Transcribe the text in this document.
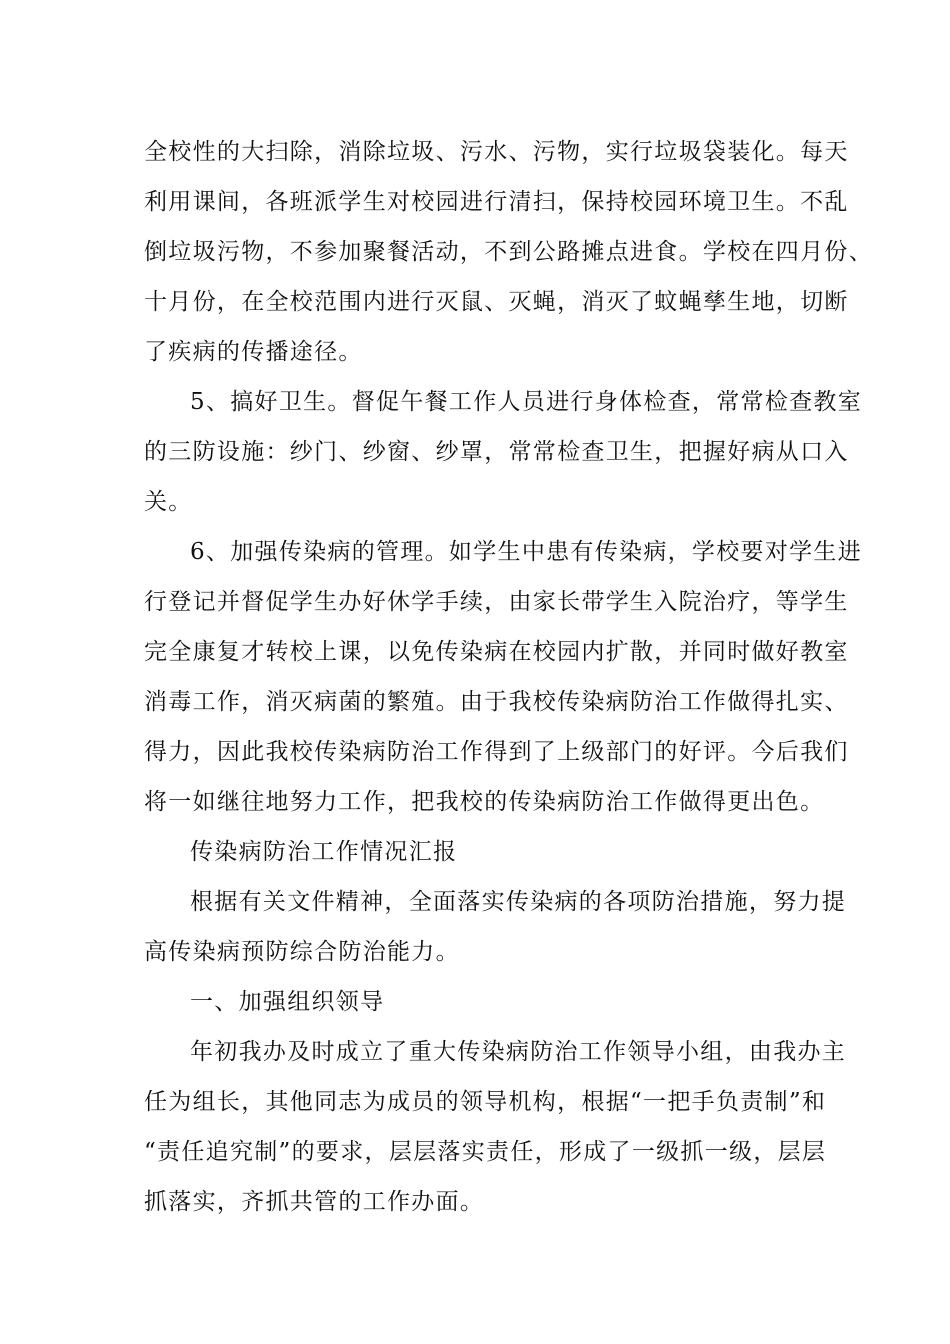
全校性的大扫除，消除垃圾、污水、污物，实行垃圾袋装化。每天
利用课间，各班派学生对校园进行清扫，保持校园环境卫生。不乱
倒垃圾污物，不参加聚餐活动，不到公路摊点进食。学校在四月份、
十月份，在全校范围内进行灭鼠、灭蝇，消灭了蚊蝇孳生地，切断
了疾病的传播途径。
5、搞好卫生。督促午餐工作人员进行身体检查，常常检查教室
的三防设施：纱门、纱窗、纱罩，常常检查卫生，把握好病从口入
关。
6、加强传染病的管理。如学生中患有传染病，学校要对学生进
行登记并督促学生办好休学手续，由家长带学生入院治疗，等学生
完全康复才转校上课，以免传染病在校园内扩散，并同时做好教室
消毒工作，消灭病菌的繁殖。由于我校传染病防治工作做得扎实、
得力，因此我校传染病防治工作得到了上级部门的好评。今后我们
将一如继往地努力工作，把我校的传染病防治工作做得更出色。
传染病防治工作情况汇报
根据有关文件精神，全面落实传染病的各项防治措施，努力提
高传染病预防综合防治能力。
一、加强组织领导
年初我办及时成立了重大传染病防治工作领导小组，由我办主
任为组长，其他同志为成员的领导机构，根据“一把手负责制”和
“责任追究制”的要求，层层落实责任，形成了一级抓一级，层层
抓落实，齐抓共管的工作办面。
